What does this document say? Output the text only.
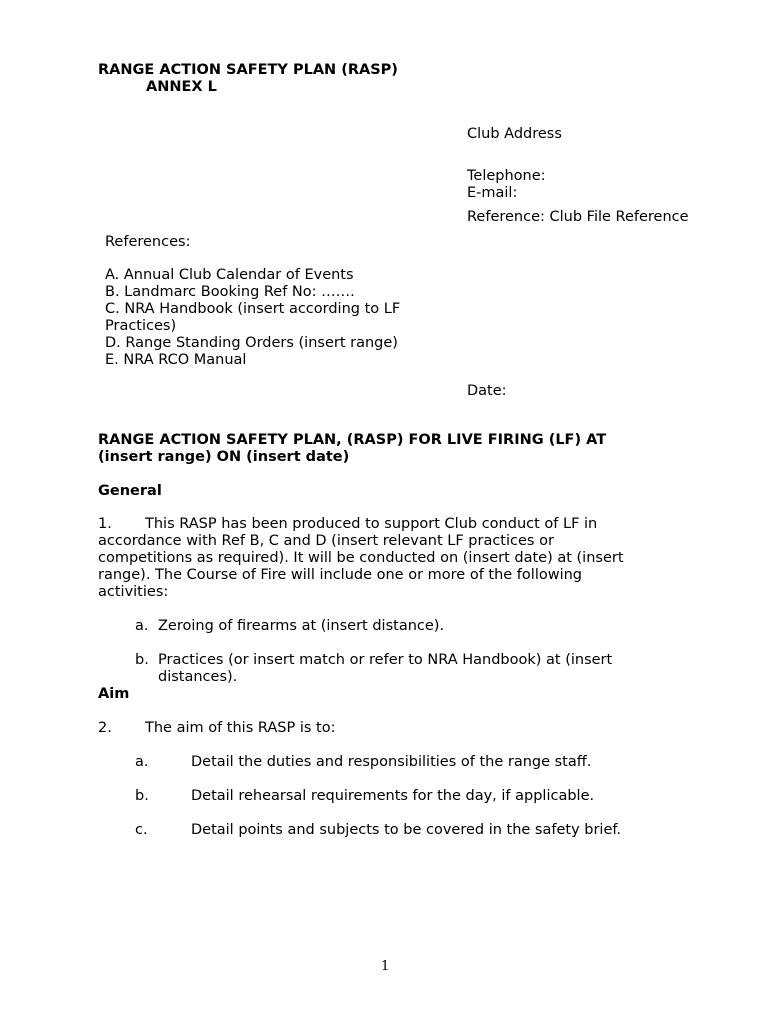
RANGE ACTION SAFETY PLAN (RASP)
ANNEX L
Club Address
Telephone:
E-mail:
Reference: Club File Reference
References:
A. Annual Club Calendar of Events
B. Landmarc Booking Ref No: …….
C. NRA Handbook (insert according to LF
Practices)
D. Range Standing Orders (insert range)
E. NRA RCO Manual
Date:
RANGE ACTION SAFETY PLAN, (RASP) FOR LIVE FIRING (LF) AT
(insert range) ON (insert date)
General
1. This RASP has been produced to support Club conduct of LF in
accordance with Ref B, C and D (insert relevant LF practices or
competitions as required). It will be conducted on (insert date) at (insert
range). The Course of Fire will include one or more of the following
activities:
a. Zeroing of firearms at (insert distance).
b. Practices (or insert match or refer to NRA Handbook) at (insert
distances).
Aim
2. The aim of this RASP is to:
a.	Detail the duties and responsibilities of the range staff.
b.	Detail rehearsal requirements for the day, if applicable.
c.	Detail points and subjects to be covered in the safety brief.
1
